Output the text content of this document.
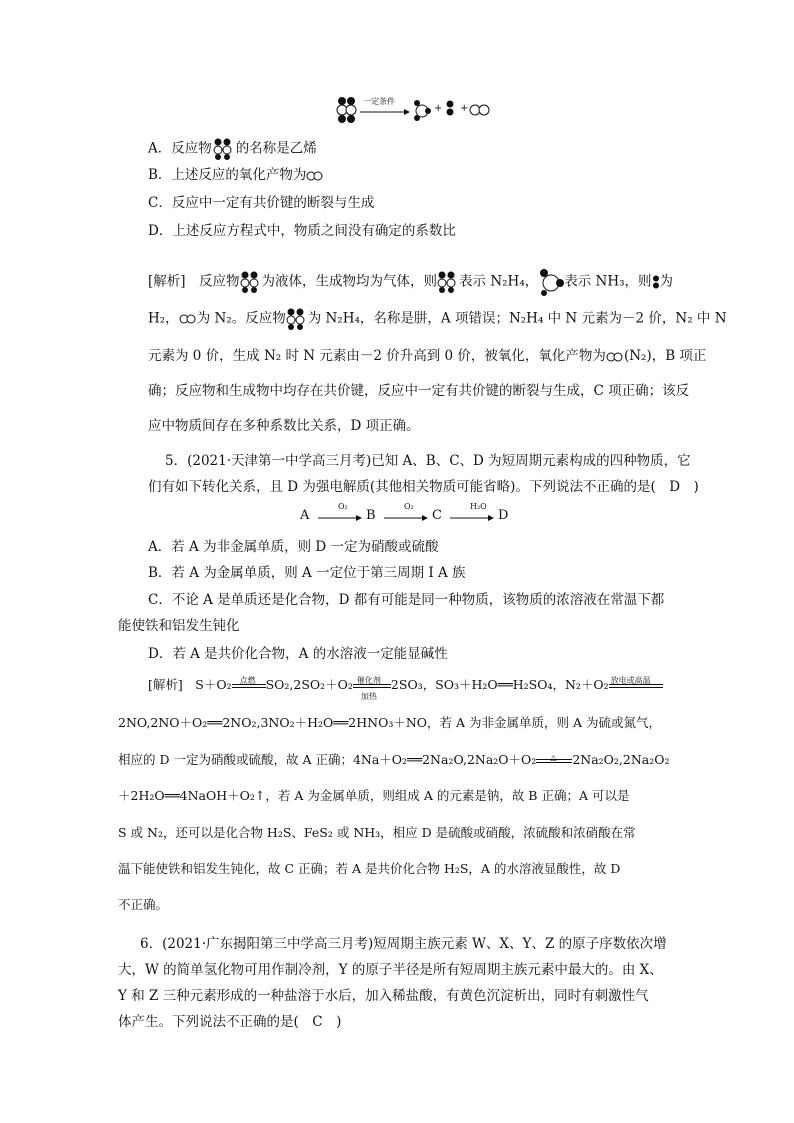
一定条件
→ + +
A．反应物 的名称是乙烯
B．上述反应的氧化产物为
C．反应中一定有共价键的断裂与生成
D．上述反应方程式中，物质之间没有确定的系数比
[解析]　反应物 为液体，生成物均为气体，则 表示 N₂H₄， 表示 NH₃，则 为
H₂， 为 N₂。反应物 为 N₂H₄，名称是肼，A 项错误；N₂H₄ 中 N 元素为－2 价，N₂ 中 N
元素为 0 价，生成 N₂ 时 N 元素由－2 价升高到 0 价，被氧化，氧化产物为 (N₂)，B 项正
确；反应物和生成物中均存在共价键，反应中一定有共价键的断裂与生成，C 项正确；该反
应中物质间存在多种系数比关系，D 项正确。
5．(2021·天津第一中学高三月考)已知 A、B、C、D 为短周期元素构成的四种物质，它
们有如下转化关系，且 D 为强电解质(其他相关物质可能省略)。下列说法不正确的是(　D　)
A
O₂
B
O₂
C
H₂O
D
A．若 A 为非金属单质，则 D 一定为硝酸或硫酸
B．若 A 为金属单质，则 A 一定位于第三周期 Ⅰ A 族
C．不论 A 是单质还是化合物，D 都有可能是同一种物质，该物质的浓溶液在常温下都
能使铁和铝发生钝化
D．若 A 是共价化合物，A 的水溶液一定能显碱性
[解析]　S＋O₂ 点燃 SO₂,2SO₂＋O₂ 催化剂
加热
2SO₃，SO₃＋H₂O══H₂SO₄，N₂＋O₂ 放电或高温
2NO,2NO＋O₂══2NO₂,3NO₂＋H₂O══2HNO₃＋NO，若 A 为非金属单质，则 A 为硫或氮气，
相应的 D 一定为硝酸或硫酸，故 A 正确；4Na＋O₂══2Na₂O,2Na₂O＋O₂ △ 2Na₂O₂,2Na₂O₂
＋2H₂O══4NaOH＋O₂↑，若 A 为金属单质，则组成 A 的元素是钠，故 B 正确；A 可以是
S 或 N₂，还可以是化合物 H₂S、FeS₂ 或 NH₃，相应 D 是硫酸或硝酸，浓硫酸和浓硝酸在常
温下能使铁和铝发生钝化，故 C 正确；若 A 是共价化合物 H₂S，A 的水溶液显酸性，故 D
不正确。
6．(2021·广东揭阳第三中学高三月考)短周期主族元素 W、X、Y、Z 的原子序数依次增
大，W 的简单氢化物可用作制冷剂，Y 的原子半径是所有短周期主族元素中最大的。由 X、
Y 和 Z 三种元素形成的一种盐溶于水后，加入稀盐酸，有黄色沉淀析出，同时有刺激性气
体产生。下列说法不正确的是(　C　)
